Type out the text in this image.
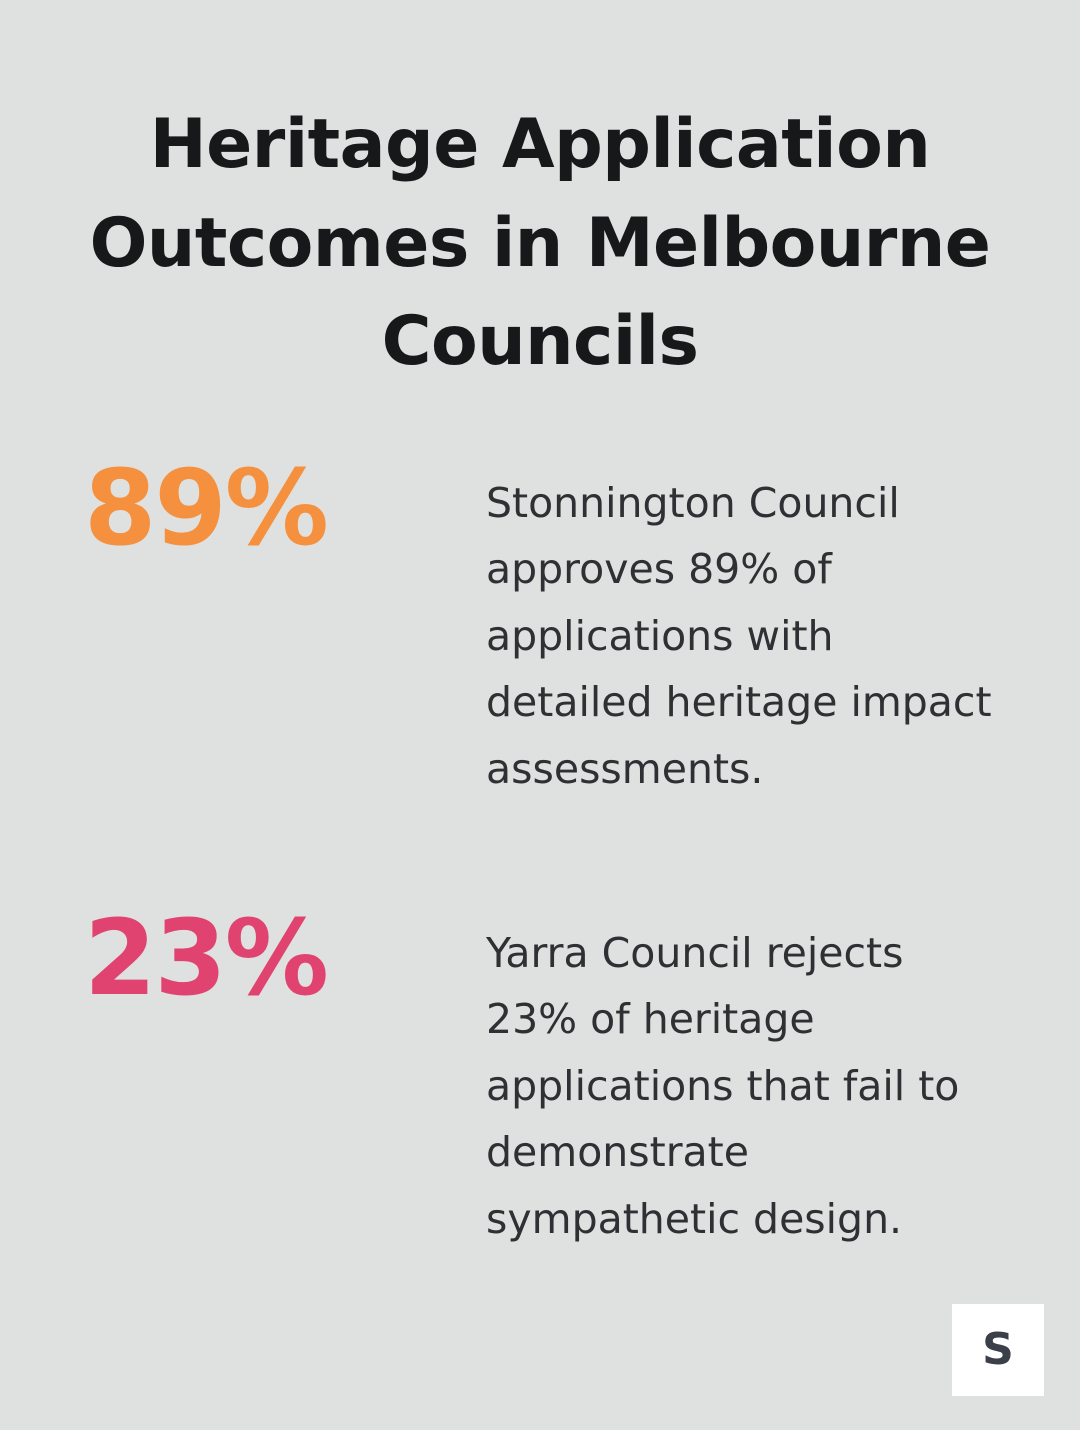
Heritage Application Outcomes in Melbourne Councils
89%	Stonnington Council approves 89% of applications with detailed heritage impact assessments.
23%	Yarra Council rejects 23% of heritage applications that fail to demonstrate sympathetic design.
S
